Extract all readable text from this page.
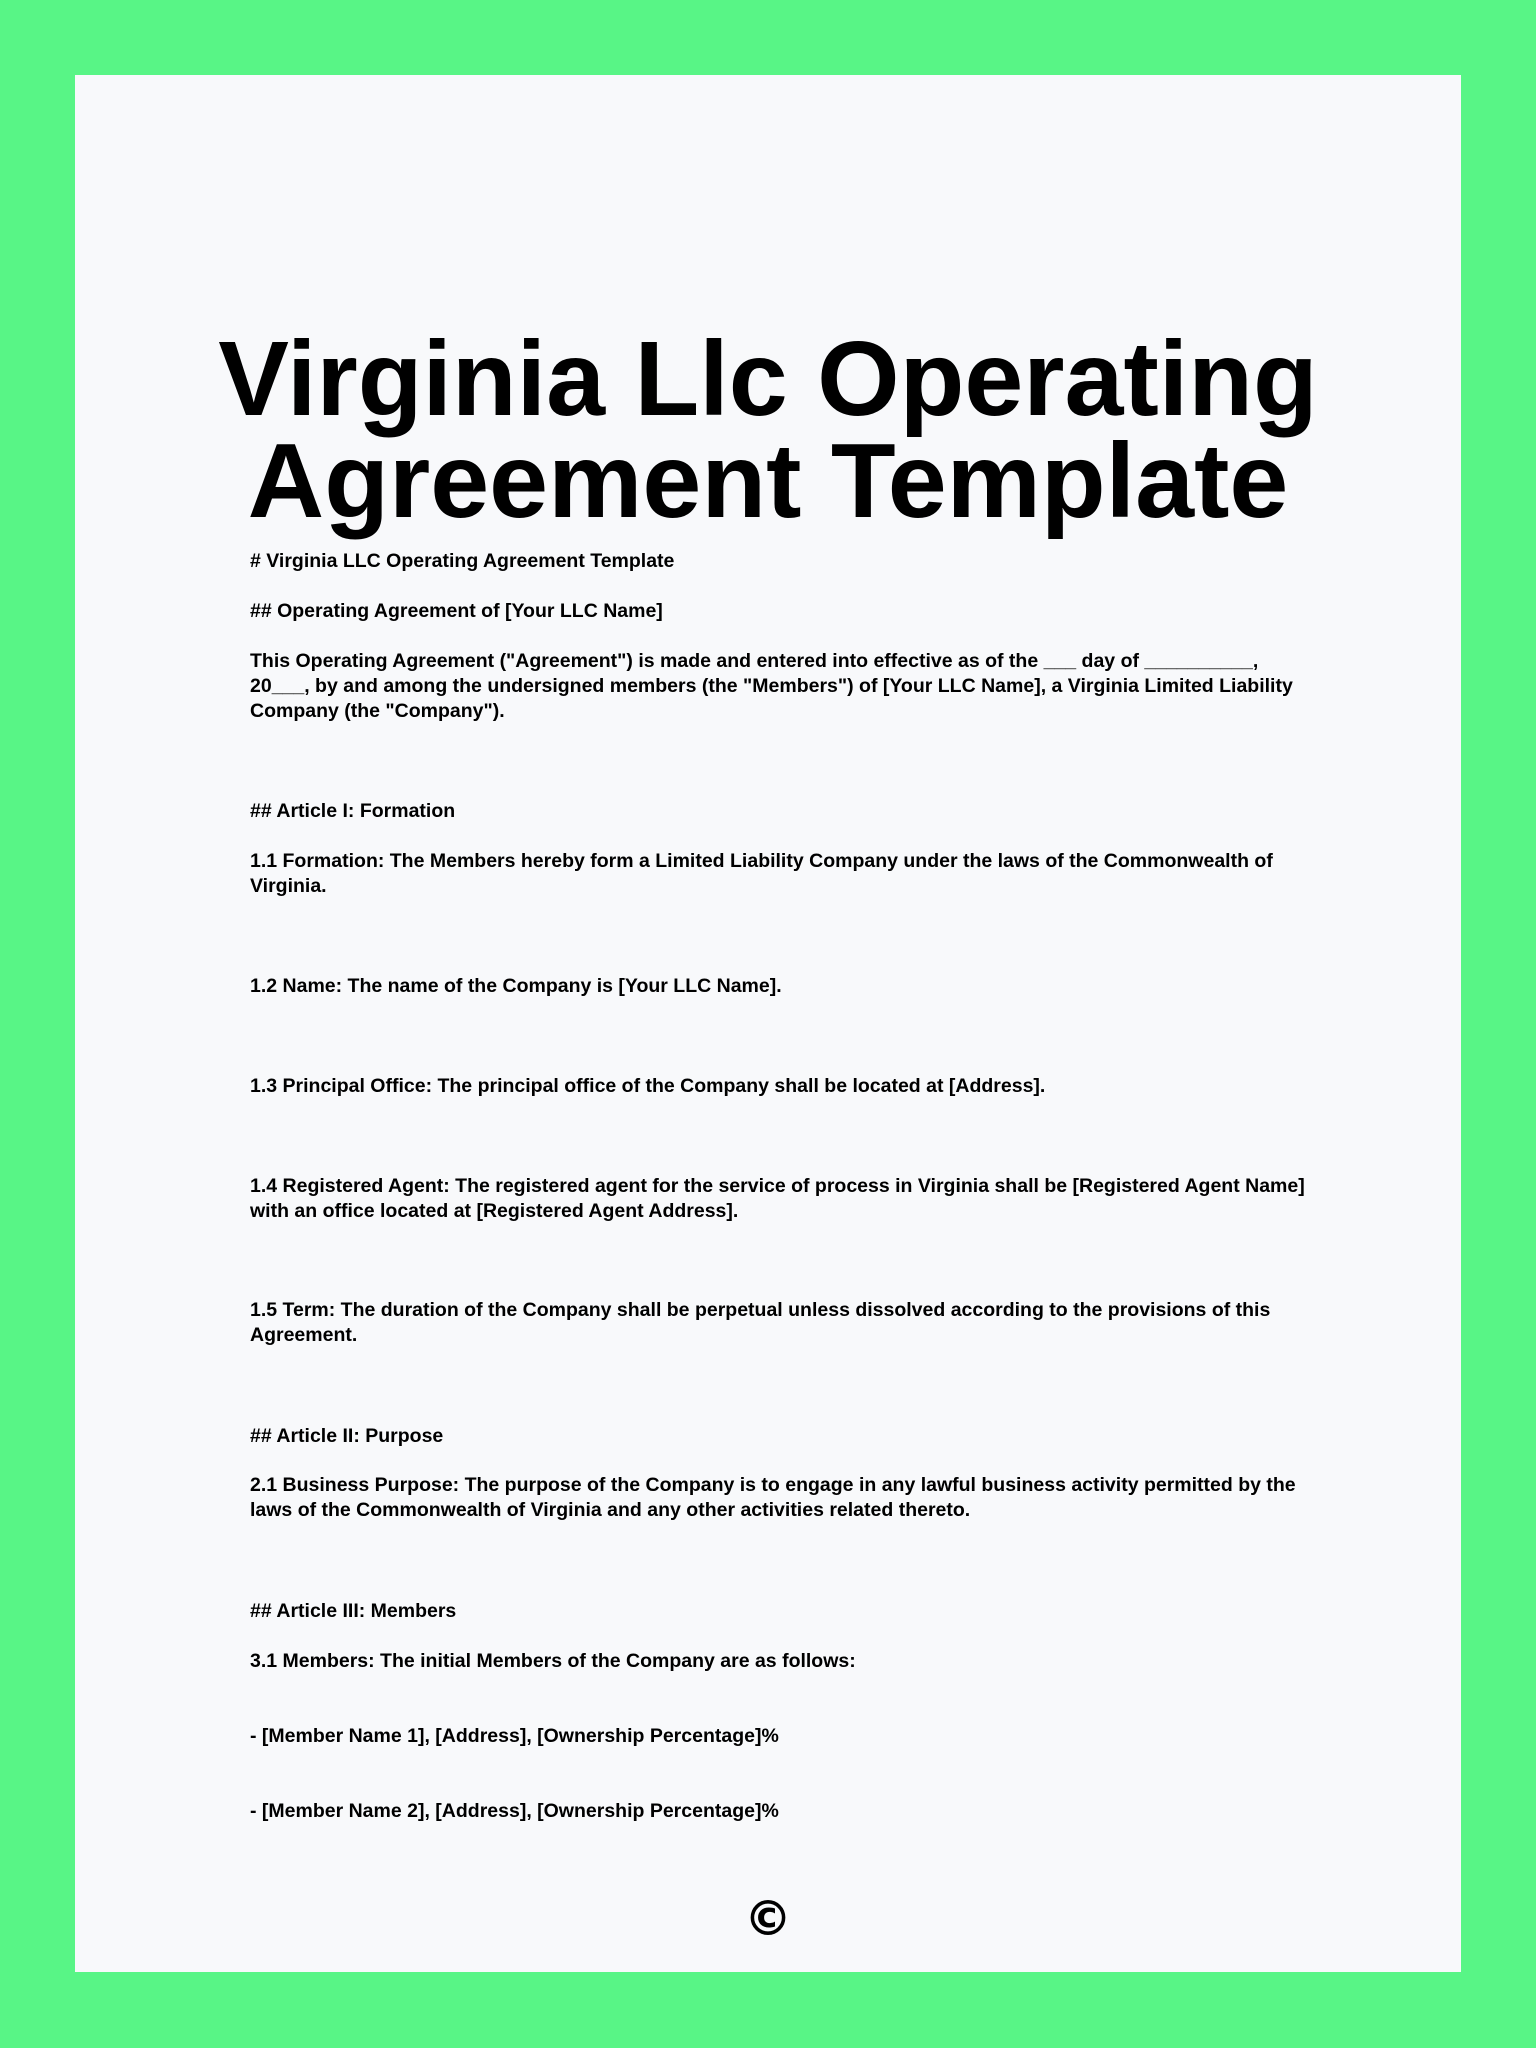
Virginia Llc Operating
Agreement Template

# Virginia LLC Operating Agreement Template

## Operating Agreement of [Your LLC Name]

This Operating Agreement ("Agreement") is made and entered into effective as of the ___ day of __________, 20___, by and among the undersigned members (the "Members") of [Your LLC Name], a Virginia Limited Liability Company (the "Company").

## Article I: Formation

1.1 Formation: The Members hereby form a Limited Liability Company under the laws of the Commonwealth of Virginia.

1.2 Name: The name of the Company is [Your LLC Name].

1.3 Principal Office: The principal office of the Company shall be located at [Address].

1.4 Registered Agent: The registered agent for the service of process in Virginia shall be [Registered Agent Name] with an office located at [Registered Agent Address].

1.5 Term: The duration of the Company shall be perpetual unless dissolved according to the provisions of this Agreement.

## Article II: Purpose

2.1 Business Purpose: The purpose of the Company is to engage in any lawful business activity permitted by the laws of the Commonwealth of Virginia and any other activities related thereto.

## Article III: Members

3.1 Members: The initial Members of the Company are as follows:

- [Member Name 1], [Address], [Ownership Percentage]%

- [Member Name 2], [Address], [Ownership Percentage]%

©
